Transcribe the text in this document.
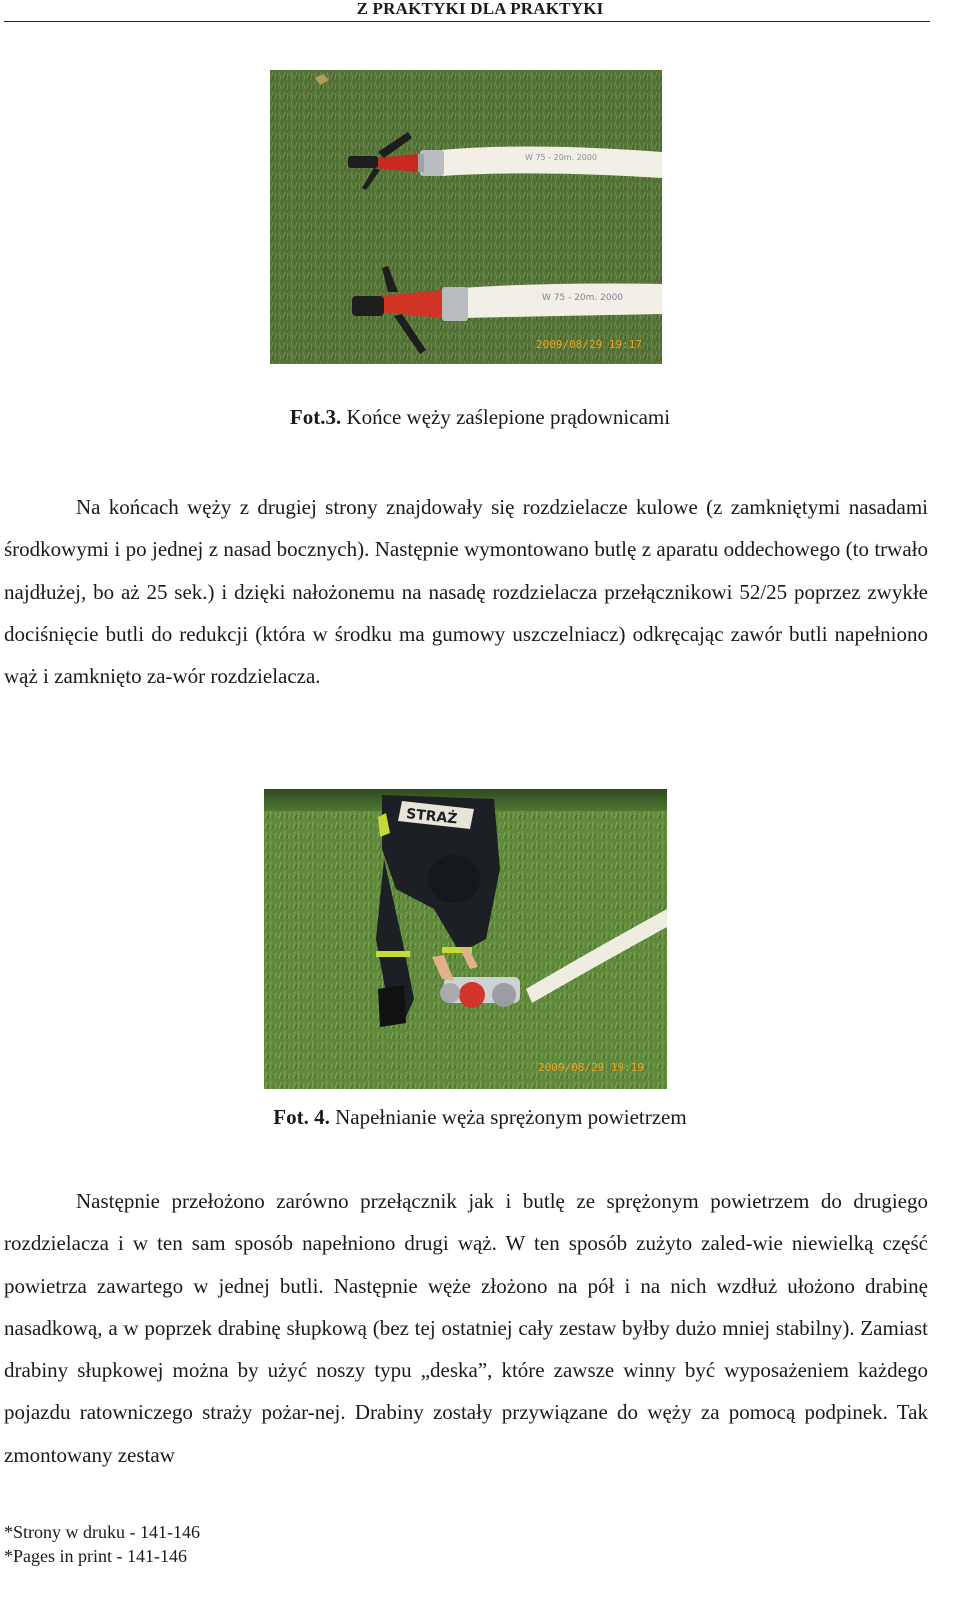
Z PRAKTYKI DLA PRAKTYKI
W 75 - 20m. 2000
W 75 - 20m. 2000
2009/08/29 19:17
Fot.3. Końce węży zaślepione prądownicami
Na końcach węży z drugiej strony znajdowały się rozdzielacze kulowe (z zamkniętymi nasadami środkowymi i po jednej z nasad bocznych). Następnie wymontowano butlę z aparatu oddechowego (to trwało najdłużej, bo aż 25 sek.) i dzięki nałożonemu na nasadę rozdzielacza przełącznikowi 52/25 poprzez zwykłe dociśnięcie butli do redukcji (która w środku ma gumowy uszczelniacz) odkręcając zawór butli napełniono wąż i zamknięto za-wór rozdzielacza.
STRAŻ
2009/08/29 19:19
Fot. 4. Napełnianie węża sprężonym powietrzem
Następnie przełożono zarówno przełącznik jak i butlę ze sprężonym powietrzem do drugiego rozdzielacza i w ten sam sposób napełniono drugi wąż. W ten sposób zużyto zaled-wie niewielką część powietrza zawartego w jednej butli. Następnie węże złożono na pół i na nich wzdłuż ułożono drabinę nasadkową, a w poprzek drabinę słupkową (bez tej ostatniej cały zestaw byłby dużo mniej stabilny). Zamiast drabiny słupkowej można by użyć noszy typu „deska”, które zawsze winny być wyposażeniem każdego pojazdu ratowniczego straży pożar-nej. Drabiny zostały przywiązane do węży za pomocą podpinek. Tak zmontowany zestaw
*Strony w druku - 141-146
*Pages in print - 141-146
